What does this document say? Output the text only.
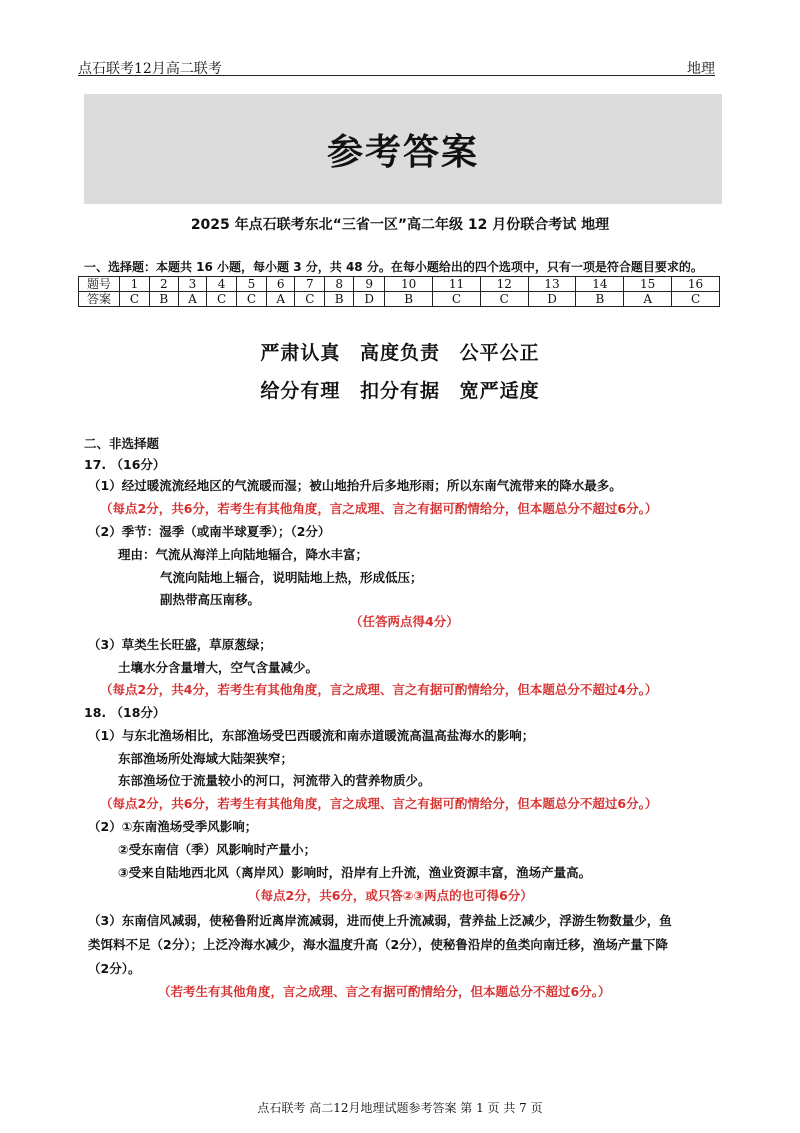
点石联考12月高二联考	地理
参考答案
2025 年点石联考东北“三省一区”高二年级 12 月份联合考试 地理
一、选择题：本题共 16 小题，每小题 3 分，共 48 分。在每小题给出的四个选项中，只有一项是符合题目要求的。
题号	1	2	3	4	5	6	7	8	9	10	11	12	13	14	15	16
答案	C	B	A	C	C	A	C	B	D	B	C	C	D	B	A	C
严肃认真 高度负责 公平公正
给分有理 扣分有据 宽严适度
二、非选择题
17. （16分）
（1）经过暖流流经地区的气流暖而湿；被山地抬升后多地形雨；所以东南气流带来的降水最多。
（每点2分，共6分，若考生有其他角度，言之成理、言之有据可酌情给分，但本题总分不超过6分。）
（2）季节：湿季（或南半球夏季）；（2分）
理由：气流从海洋上向陆地辐合，降水丰富；
气流向陆地上辐合，说明陆地上热，形成低压；
副热带高压南移。
（任答两点得4分）
（3）草类生长旺盛，草原葱绿；
土壤水分含量增大，空气含量减少。
（每点2分，共4分，若考生有其他角度，言之成理、言之有据可酌情给分，但本题总分不超过4分。）
18. （18分）
（1）与东北渔场相比，东部渔场受巴西暖流和南赤道暖流高温高盐海水的影响；
东部渔场所处海域大陆架狭窄；
东部渔场位于流量较小的河口，河流带入的营养物质少。
（每点2分，共6分，若考生有其他角度，言之成理、言之有据可酌情给分，但本题总分不超过6分。）
（2）①东南渔场受季风影响；
②受东南信（季）风影响时产量小；
③受来自陆地西北风（离岸风）影响时，沿岸有上升流，渔业资源丰富，渔场产量高。
（每点2分，共6分，或只答②③两点的也可得6分）
（3）东南信风减弱，使秘鲁附近离岸流减弱，进而使上升流减弱，营养盐上泛减少，浮游生物数量少，鱼
类饵料不足（2分）；上泛冷海水减少，海水温度升高（2分），使秘鲁沿岸的鱼类向南迁移，渔场产量下降
（2分）。
（若考生有其他角度，言之成理、言之有据可酌情给分，但本题总分不超过6分。）
点石联考 高二12月地理试题参考答案 第 1 页 共 7 页
